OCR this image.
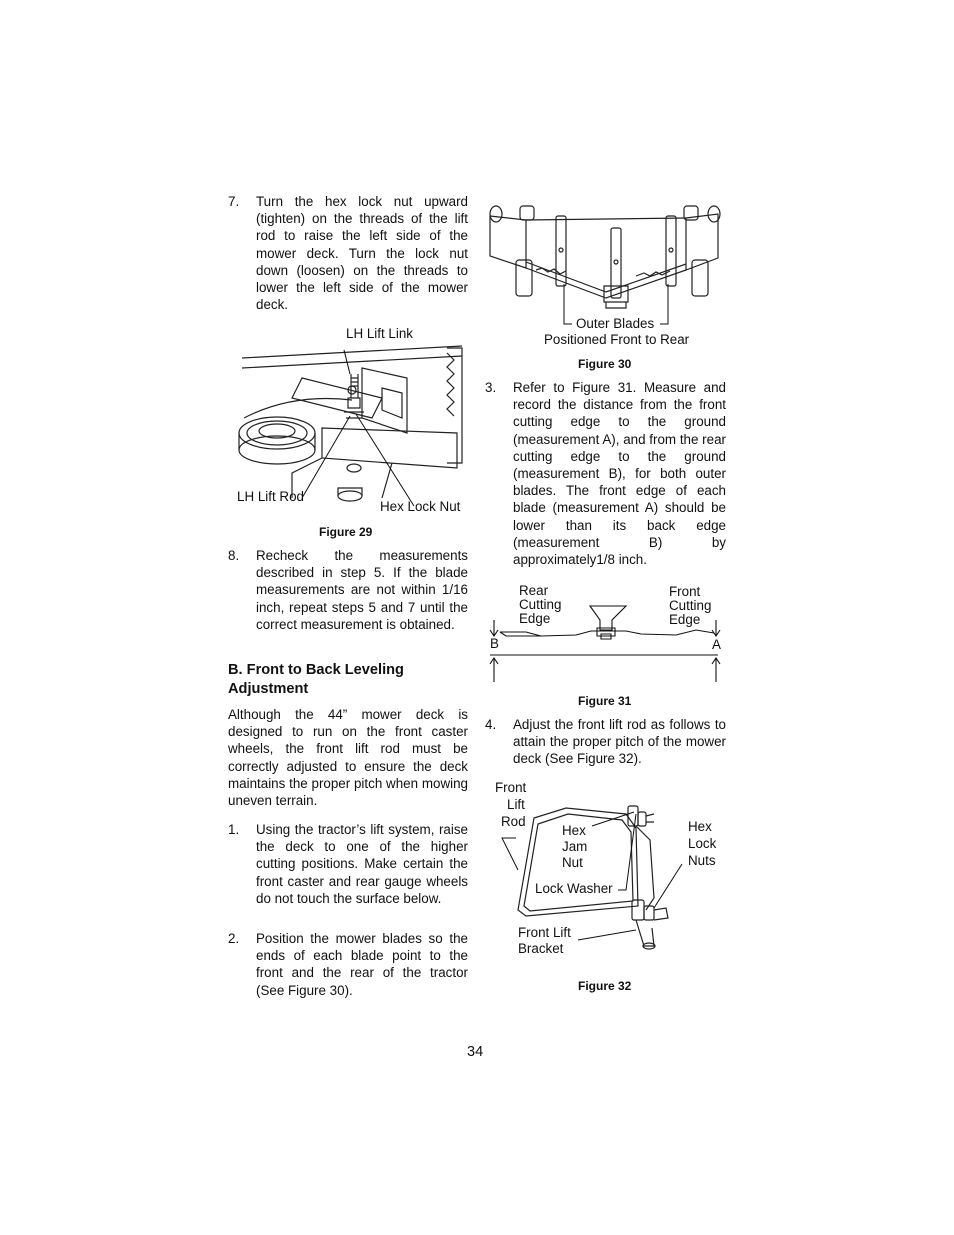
7. Turn the hex lock nut upward (tighten) on the threads of the lift rod to raise the left side of the mower deck. Turn the lock nut down (loosen) on the threads to lower the left side of the mower deck.
LH Lift Link
LH Lift Rod
Hex Lock Nut
Figure 29
8. Recheck the measurements described in step 5. If the blade measurements are not within 1/16 inch, repeat steps 5 and 7 until the correct measurement is obtained.
B. Front to Back Leveling Adjustment
Although the 44” mower deck is designed to run on the front caster wheels, the front lift rod must be correctly adjusted to ensure the deck maintains the proper pitch when mowing uneven terrain.
1. Using the tractor’s lift system, raise the deck to one of the higher cutting positions. Make certain the front caster and rear gauge wheels do not touch the surface below.
2. Position the mower blades so the ends of each blade point to the front and the rear of the tractor (See Figure 30).
Outer Blades
Positioned Front to Rear
Figure 30
3. Refer to Figure 31. Measure and record the distance from the front cutting edge to the ground (measurement A), and from the rear cutting edge to the ground (measurement B), for both outer blades. The front edge of each blade (measurement A) should be lower than its back edge (measurement B) by approximately1/8 inch.
Rear
Cutting
Edge
Front
Cutting
Edge
B	A
Figure 31
4. Adjust the front lift rod as follows to attain the proper pitch of the mower deck (See Figure 32).
Front
Lift
Rod
Hex
Jam
Nut
Lock Washer
Hex
Lock
Nuts
Front Lift
Bracket
Figure 32
34
